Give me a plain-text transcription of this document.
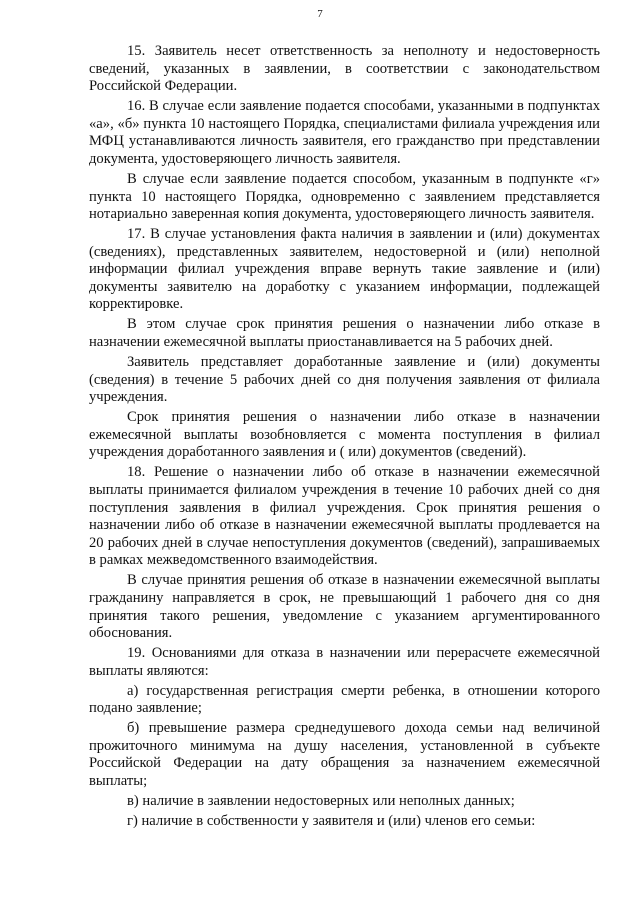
7

15. Заявитель несет ответственность за неполноту и недостоверность сведений, указанных в заявлении, в соответствии с законодательством Российской Федерации.

16. В случае если заявление подается способами, указанными в подпунктах «а», «б» пункта 10 настоящего Порядка, специалистами филиала учреждения или МФЦ устанавливаются личность заявителя, его гражданство при представлении документа, удостоверяющего личность заявителя.

В случае если заявление подается способом, указанным в подпункте «г» пункта 10 настоящего Порядка, одновременно с заявлением представляется нотариально заверенная копия документа, удостоверяющего личность заявителя.

17. В случае установления факта наличия в заявлении и (или) документах (сведениях), представленных заявителем, недостоверной и (или) неполной информации филиал учреждения вправе вернуть такие заявление и (или) документы заявителю на доработку с указанием информации, подлежащей корректировке.

В этом случае срок принятия решения о назначении либо отказе в назначении ежемесячной выплаты приостанавливается на 5 рабочих дней.

Заявитель представляет доработанные заявление и (или) документы (сведения) в течение 5 рабочих дней со дня получения заявления от филиала учреждения.

Срок принятия решения о назначении либо отказе в назначении ежемесячной выплаты возобновляется с момента поступления в филиал учреждения доработанного заявления и ( или) документов (сведений).

18. Решение о назначении либо об отказе в назначении ежемесячной выплаты принимается филиалом учреждения в течение 10 рабочих дней со дня поступления заявления в филиал учреждения. Срок принятия решения о назначении либо об отказе в назначении ежемесячной выплаты продлевается на 20 рабочих дней в случае непоступления документов (сведений), запрашиваемых в рамках межведомственного взаимодействия.

В случае принятия решения об отказе в назначении ежемесячной выплаты гражданину направляется в срок, не превышающий 1 рабочего дня со дня принятия такого решения, уведомление с указанием аргументированного обоснования.

19. Основаниями для отказа в назначении или перерасчете ежемесячной выплаты являются:

а) государственная регистрация смерти ребенка, в отношении которого подано заявление;

б) превышение размера среднедушевого дохода семьи над величиной прожиточного минимума на душу населения, установленной в субъекте Российской Федерации на дату обращения за назначением ежемесячной выплаты;

в) наличие в заявлении недостоверных или неполных данных;

г) наличие в собственности у заявителя и (или) членов его семьи:
